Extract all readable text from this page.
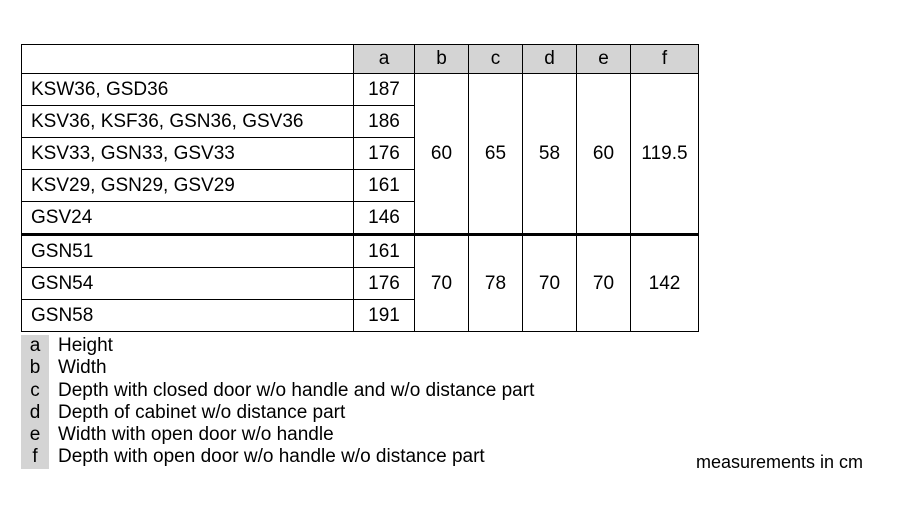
	a	b	c	d	e	f
KSW36, GSD36	187	60	65	58	60	119.5
KSV36, KSF36, GSN36, GSV36	186					
KSV33, GSN33, GSV33	176					
KSV29, GSN29, GSV29	161					
GSV24	146					
GSN51	161	70	78	70	70	142
GSN54	176					
GSN58	191					
a Height
b Width
c Depth with closed door w/o handle and w/o distance part
d Depth of cabinet w/o distance part
e Width with open door w/o handle
f	Depth with open door w/o handle w/o distance part	measurements in cm
